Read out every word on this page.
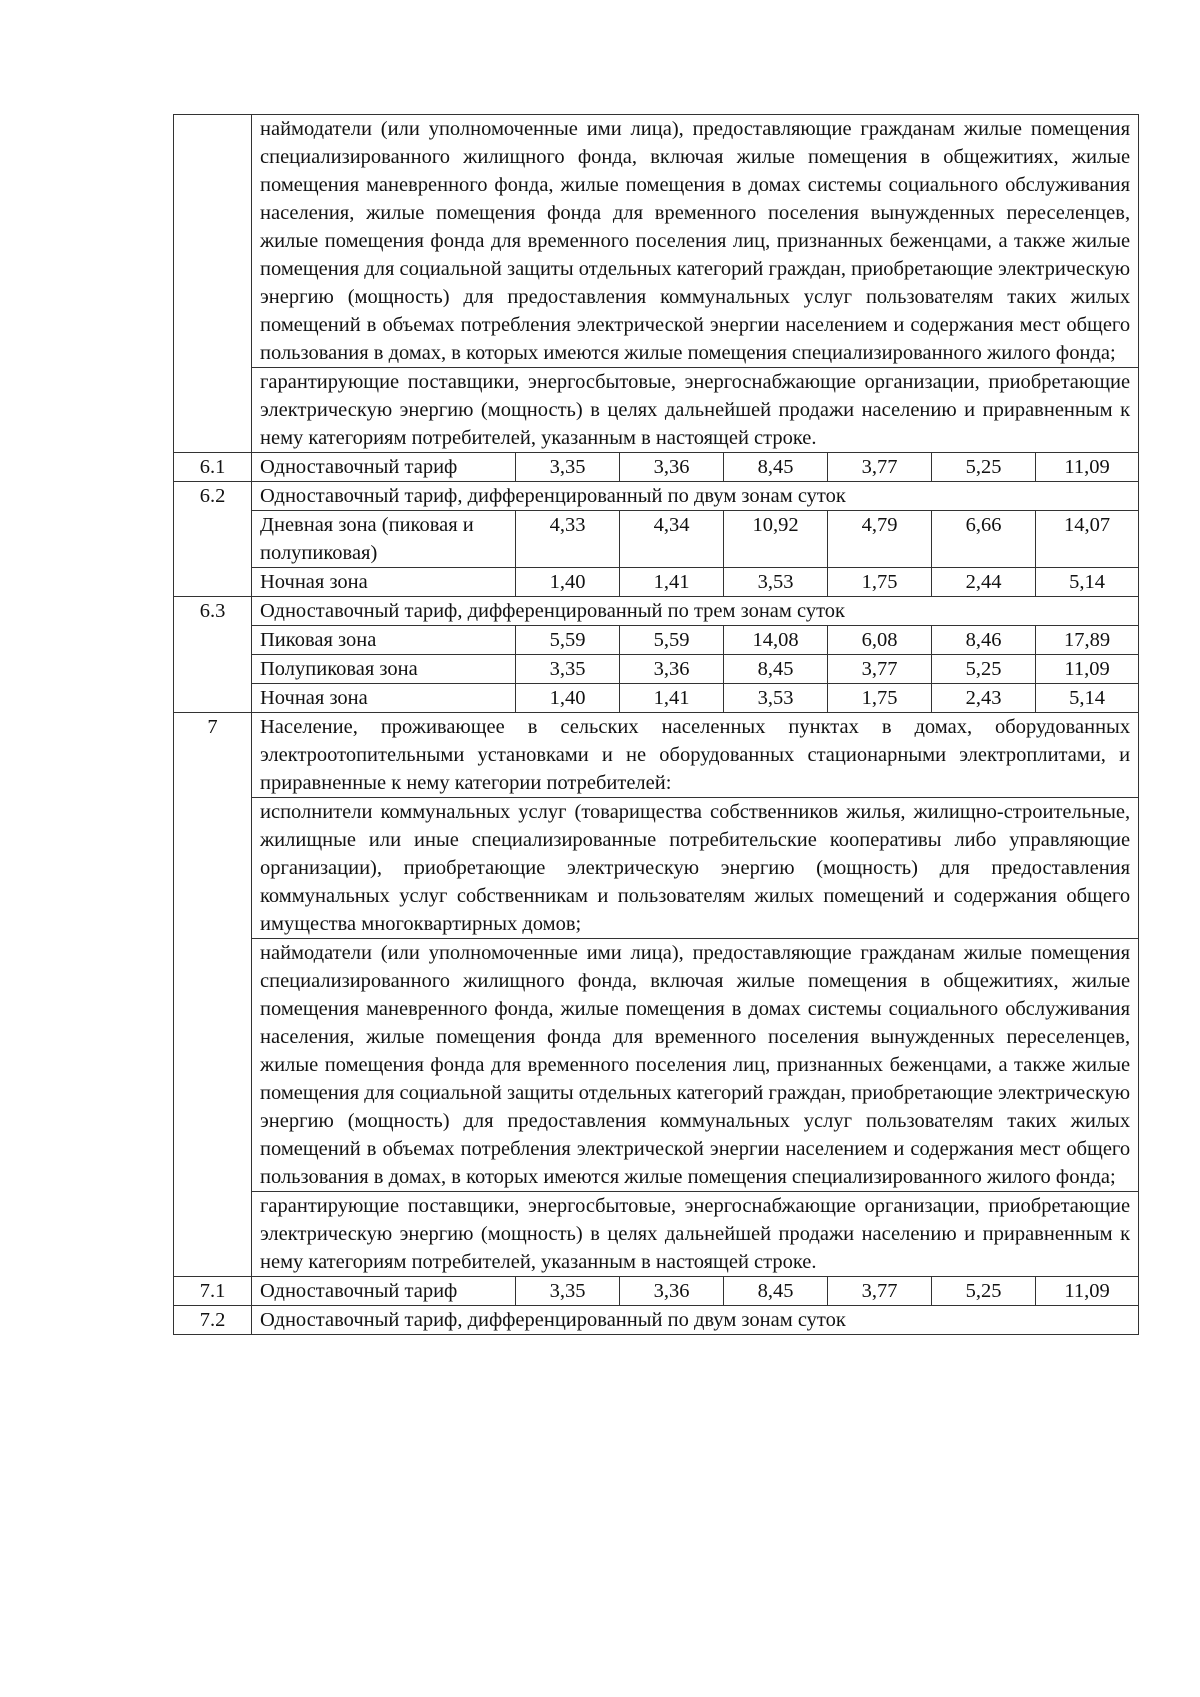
	наймодатели (или уполномоченные ими лица), предоставляющие гражданам жилые помещения специализированного жилищного фонда, включая жилые помещения в общежитиях, жилые помещения маневренного фонда, жилые помещения в домах системы социального обслуживания населения, жилые помещения фонда для временного поселения вынужденных переселенцев, жилые помещения фонда для временного поселения лиц, признанных беженцами, а также жилые помещения для социальной защиты отдельных категорий граждан, приобретающие электрическую энергию (мощность) для предоставления коммунальных услуг пользователям таких жилых помещений в объемах потребления электрической энергии населением и содержания мест общего пользования в домах, в которых имеются жилые помещения специализированного жилого фонда;						
	гарантирующие поставщики, энергосбытовые, энергоснабжающие организации, приобретающие электрическую энергию (мощность) в целях дальнейшей продажи населению и приравненным к нему категориям потребителей, указанным в настоящей строке.						
6.1	Одноставочный тариф	3,35	3,36	8,45	3,77	5,25	11,09
6.2	Одноставочный тариф, дифференцированный по двум зонам суток						
	Дневная зона (пиковая и полупиковая)	4,33	4,34	10,92	4,79	6,66	14,07
	Ночная зона	1,40	1,41	3,53	1,75	2,44	5,14
6.3	Одноставочный тариф, дифференцированный по трем зонам суток						
	Пиковая зона	5,59	5,59	14,08	6,08	8,46	17,89
	Полупиковая зона	3,35	3,36	8,45	3,77	5,25	11,09
	Ночная зона	1,40	1,41	3,53	1,75	2,43	5,14
7	Население, проживающее в сельских населенных пунктах в домах, оборудованных электроотопительными установками и не оборудованных стационарными электроплитами, и приравненные к нему категории потребителей:						
	исполнители коммунальных услуг (товарищества собственников жилья, жилищно-строительные, жилищные или иные специализированные потребительские кооперативы либо управляющие организации), приобретающие электрическую энергию (мощность) для предоставления коммунальных услуг собственникам и пользователям жилых помещений и содержания общего имущества многоквартирных домов;						
	наймодатели (или уполномоченные ими лица), предоставляющие гражданам жилые помещения специализированного жилищного фонда, включая жилые помещения в общежитиях, жилые помещения маневренного фонда, жилые помещения в домах системы социального обслуживания населения, жилые помещения фонда для временного поселения вынужденных переселенцев, жилые помещения фонда для временного поселения лиц, признанных беженцами, а также жилые помещения для социальной защиты отдельных категорий граждан, приобретающие электрическую энергию (мощность) для предоставления коммунальных услуг пользователям таких жилых помещений в объемах потребления электрической энергии населением и содержания мест общего пользования в домах, в которых имеются жилые помещения специализированного жилого фонда;						
	гарантирующие поставщики, энергосбытовые, энергоснабжающие организации, приобретающие электрическую энергию (мощность) в целях дальнейшей продажи населению и приравненным к нему категориям потребителей, указанным в настоящей строке.						
7.1	Одноставочный тариф	3,35	3,36	8,45	3,77	5,25	11,09
7.2	Одноставочный тариф, дифференцированный по двум зонам суток						
